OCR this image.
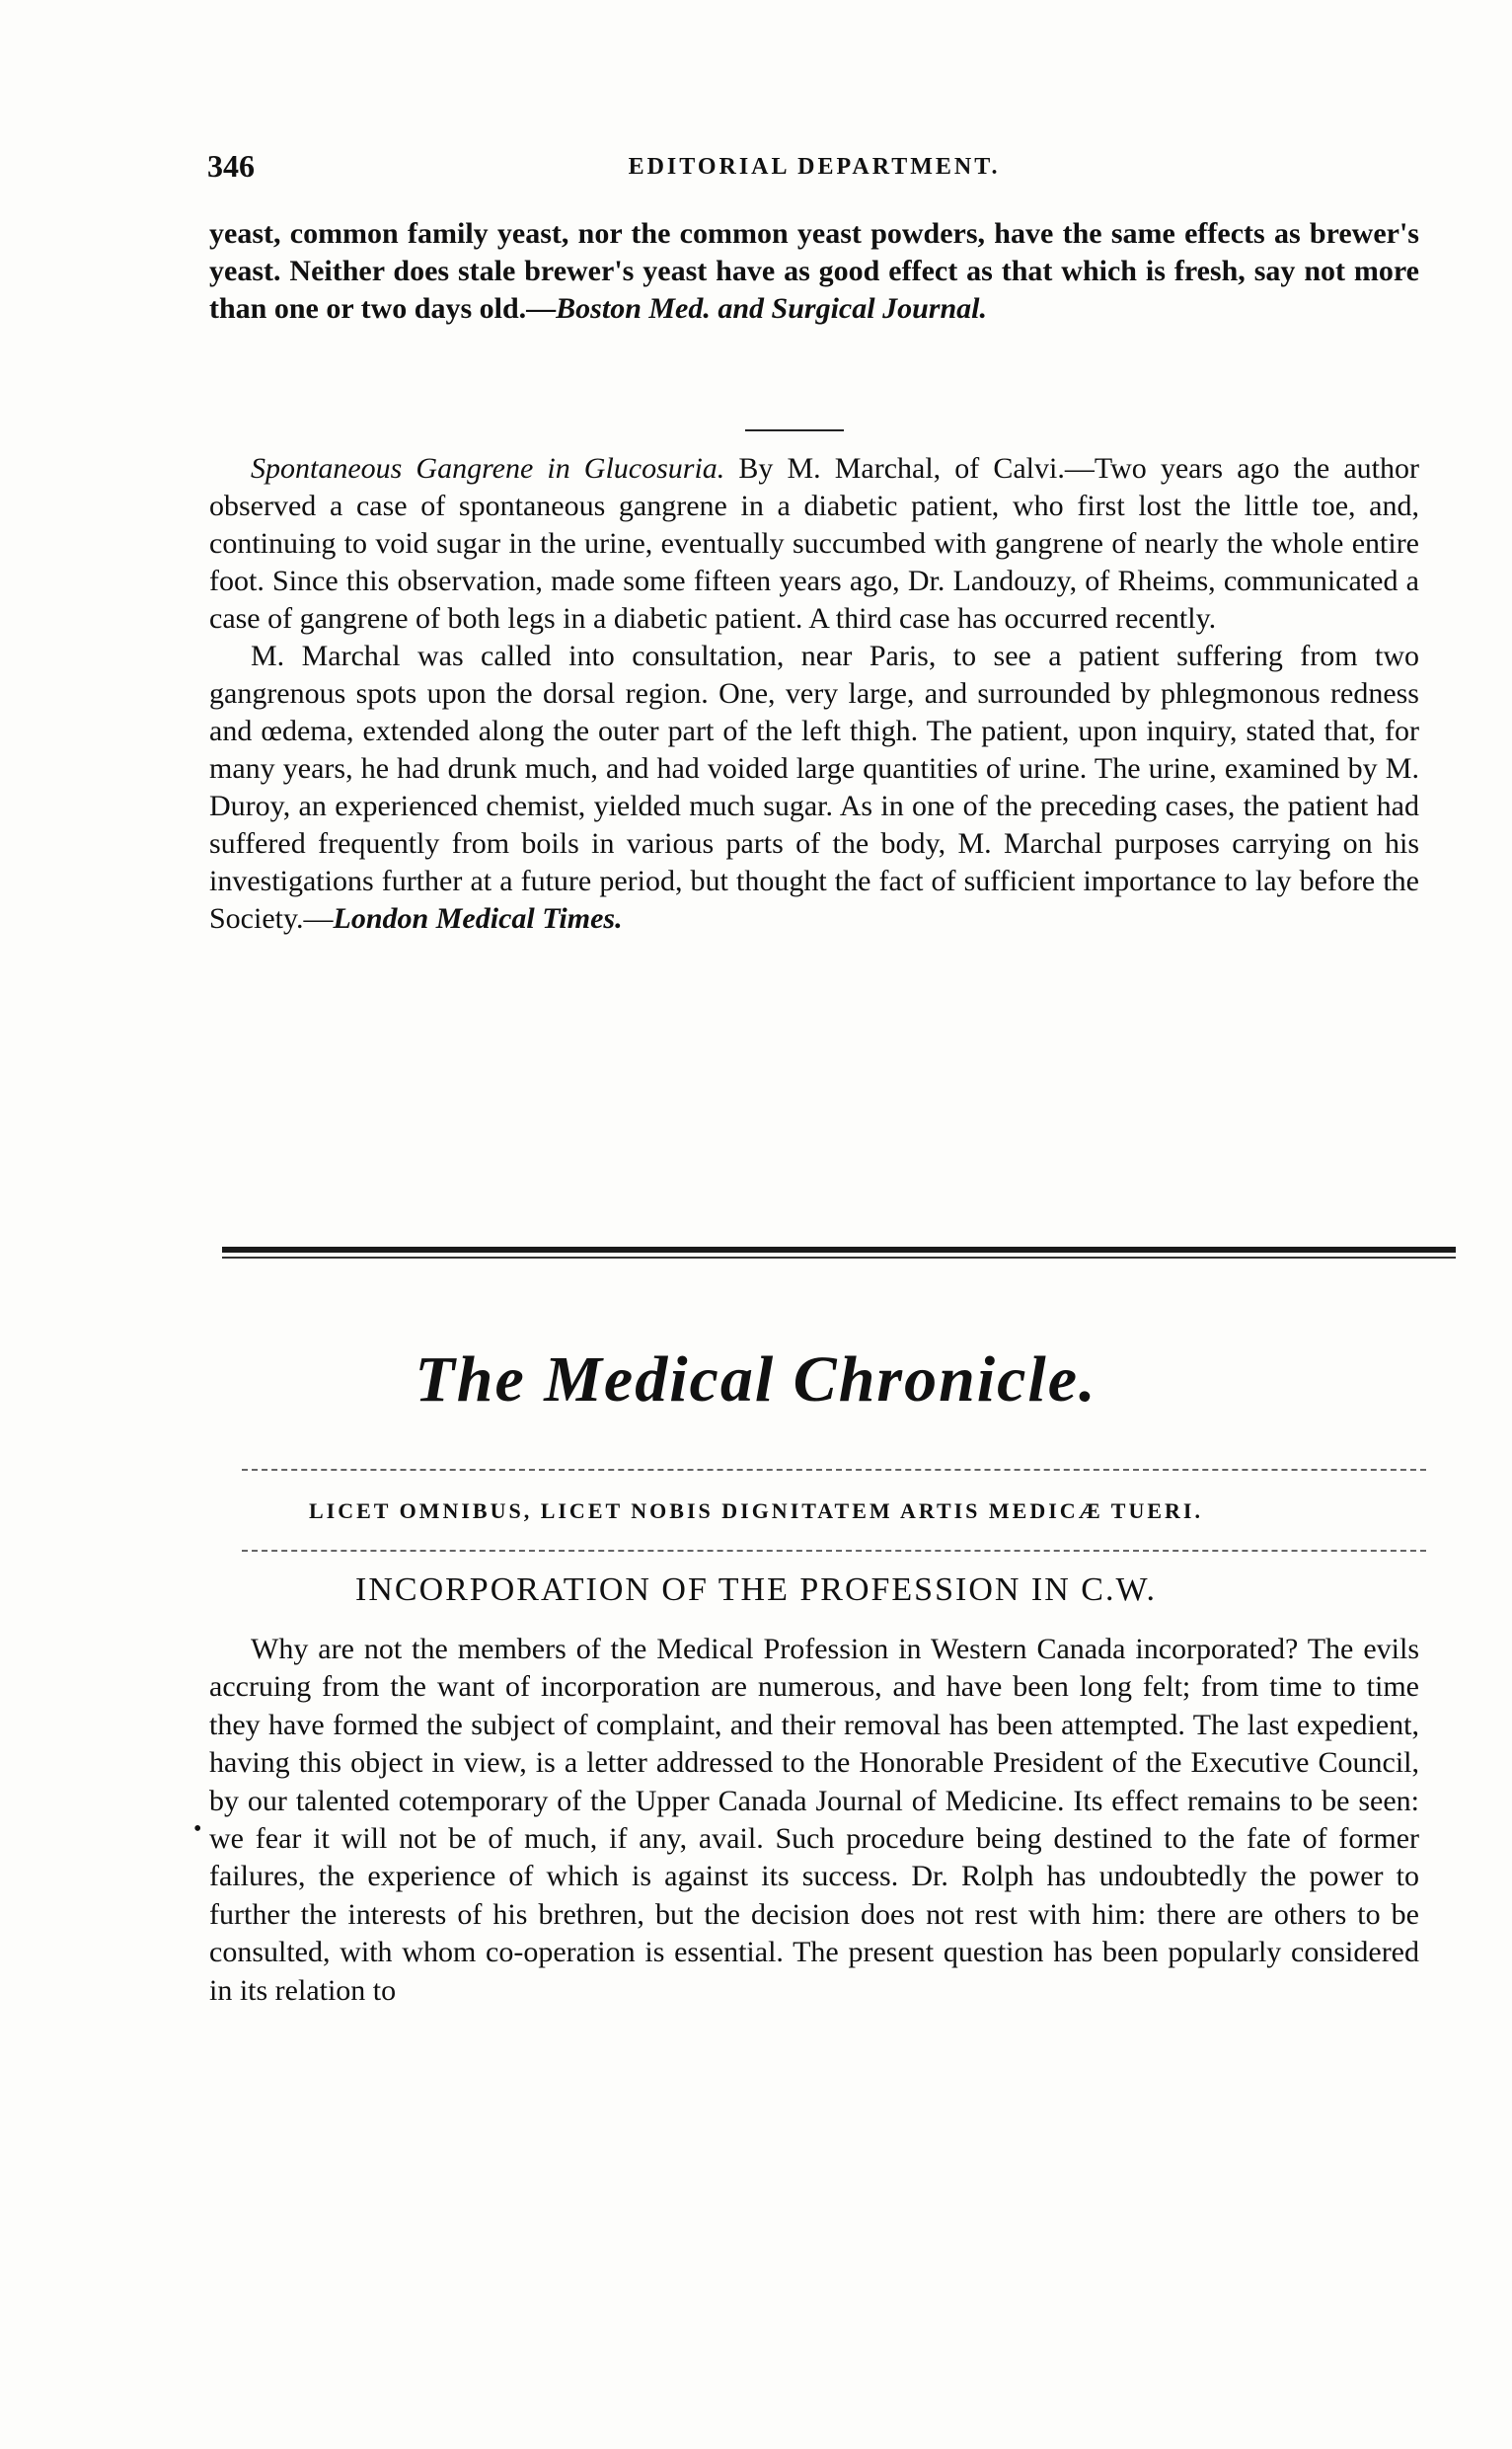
346	EDITORIAL DEPARTMENT.

yeast, common family yeast, nor the common yeast powders, have the same effects as brewer's yeast. Neither does stale brewer's yeast have as good effect as that which is fresh, say not more than one or two days old.—Boston Med. and Surgical Journal.

Spontaneous Gangrene in Glucosuria. By M. Marchal, of Calvi.—Two years ago the author observed a case of spontaneous gangrene in a diabetic patient, who first lost the little toe, and, continuing to void sugar in the urine, eventually succumbed with gangrene of nearly the whole entire foot. Since this observation, made some fifteen years ago, Dr. Landouzy, of Rheims, communicated a case of gangrene of both legs in a diabetic patient. A third case has occurred recently.

M. Marchal was called into consultation, near Paris, to see a patient suffering from two gangrenous spots upon the dorsal region. One, very large, and surrounded by phlegmonous redness and œdema, extended along the outer part of the left thigh. The patient, upon inquiry, stated that, for many years, he had drunk much, and had voided large quantities of urine. The urine, examined by M. Duroy, an experienced chemist, yielded much sugar. As in one of the preceding cases, the patient had suffered frequently from boils in various parts of the body, M. Marchal purposes carrying on his investigations further at a future period, but thought the fact of sufficient importance to lay before the Society.—London Medical Times.

The Medical Chronicle.
LICET OMNIBUS, LICET NOBIS DIGNITATEM ARTIS MEDICÆ TUERI.
INCORPORATION OF THE PROFESSION IN C.W.
•

Why are not the members of the Medical Profession in Western Canada incorporated? The evils accruing from the want of incorporation are numerous, and have been long felt; from time to time they have formed the subject of complaint, and their removal has been attempted. The last expedient, having this object in view, is a letter addressed to the Honorable President of the Executive Council, by our talented cotemporary of the Upper Canada Journal of Medicine. Its effect remains to be seen: we fear it will not be of much, if any, avail. Such procedure being destined to the fate of former failures, the experience of which is against its success. Dr. Rolph has undoubtedly the power to further the interests of his brethren, but the decision does not rest with him: there are others to be consulted, with whom co-operation is essential. The present question has been popularly considered in its relation to
